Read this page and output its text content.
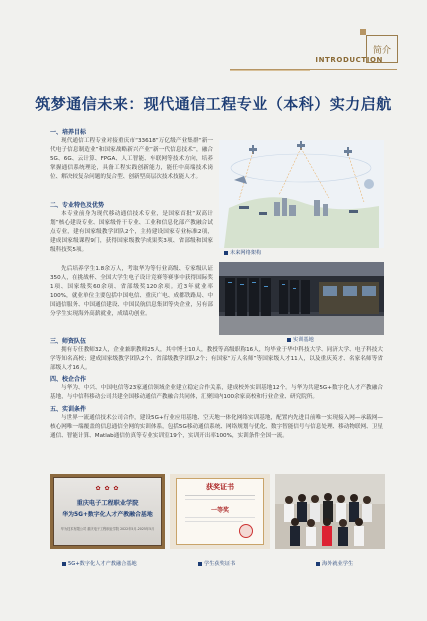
简介
INTRODUCTION
筑梦通信未来：现代通信工程专业（本科）实力启航
一、培养目标
现代通信工程专业对接重庆市“33618”万亿级产业集群“新一代电子信息制造业”和国家战略新兴产业“新一代信息技术”，融合5G、6G、云计算、FPGA、人工智能、车联网等技术方向，培养掌握通信系统理论，具备工程实践创新能力，能任中高端技术岗位、解决较复杂问题的复合型、创新型高层次技术技能人才。
二、专业特色及优势
本专业前身为现代移动通信技术专业，是国家首批“双高计划”核心建设专业、国家级骨干专业、工业和信息化部产教融合试点专业，建有国家级教学团队2个，主持建设国家专业标准2项，建成国家级课程9门，获得国家级教学成果奖3项、省部级和国家级科技奖5项。
先后培养学生1.8余万人，考取华为等行业高级、专家级认证350人，在挑战杯、全国大学生电子设计竞赛等赛事中获得国际奖1项、国家级奖60余项、省部级奖120余项。近3年就业率100%，就业单位主要包括中国电信、重庆广电、成都铁路局、中国通信服务、中国通信建设、中国民航信息集团等央企业，另有部分学生实现海外高薪就业，成绩功创业。
三、师资队伍
拥有专任教师32人，企业兼职教师25人，其中博士10人，教授等高级职称16人，均毕业于华中科技大学、同济大学、电子科技大学等知名高校；建成国家级教学团队2个、省部级教学团队2个；有国家“万人名师”等国家级人才11人，以及重庆英才、名家名师等省部级人才16人。
四、校企合作
与华为、中兴、中国电信等23家通信领域企业建立稳定合作关系，建成校外实训基地12个。与华为共建5G+数字化人才产教融合基地，与中信科移动公司共建全国移动通信产教融合共同体，汇聚国内100余家高校和行业企业、研究院所。
五、实训条件
与世界一流通信技术公司合作，建设5G+行业应用基地、空天地一体化网络实训基地，配置内先进目前唯一实现接入网—承载网—核心网唯一端覆盖的信息通信全网的实训体系，包括5G移动通信系统、网络规划与优化、数字智能信号与信息处理、移动物联网、卫星通信、智能计算、Matlab通信仿真等专业实训室19个，实训开出率100%，实训条件全国一流。
未来网络架构
实训基地
✿ ✿ ✿
重庆电子工程职业学院
华为5G+数字化人才产教融合基地
华为技术有限公司 重庆电子工程职业学院 2022年5月-2025年5月
5G+数字化人才产教融合基地
获奖证书
一等奖
学生获奖证书	海外就业学生
